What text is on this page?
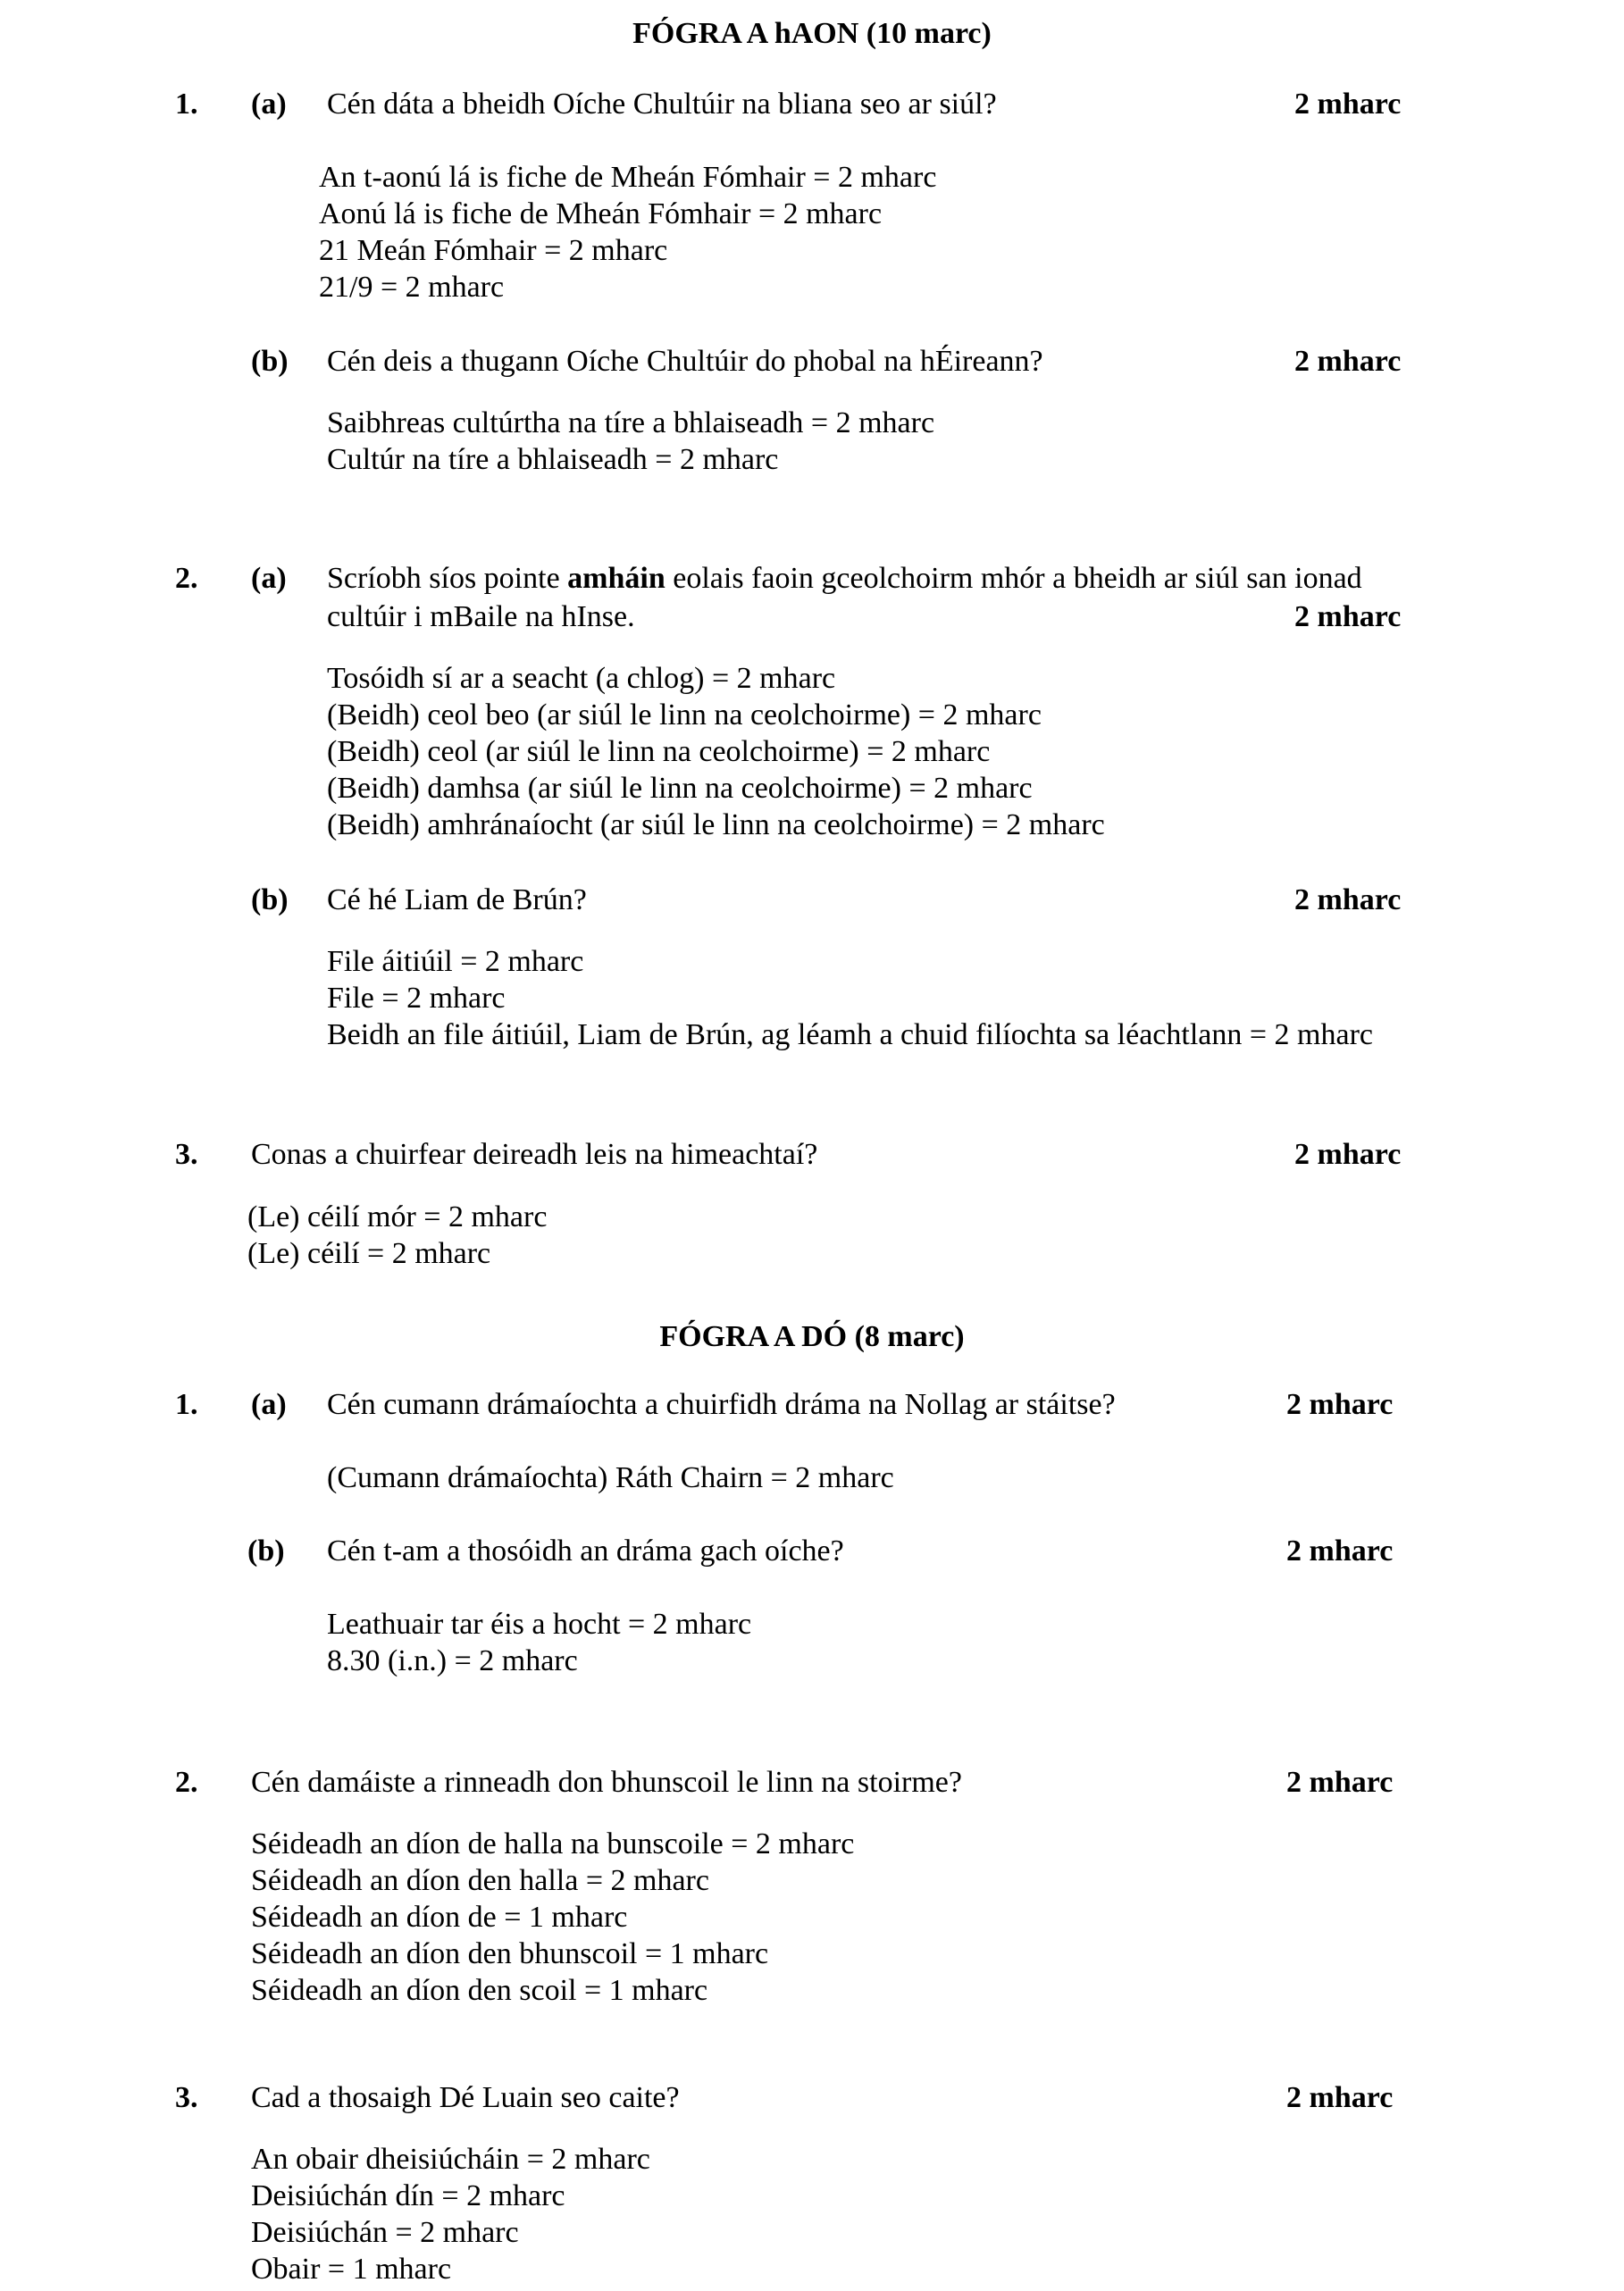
FÓGRA A hAON (10 marc)
1. (a) Cén dáta a bheidh Oíche Chultúir na bliana seo ar siúl?	2 mharc
An t-aonú lá is fiche de Mheán Fómhair = 2 mharc
Aonú lá is fiche de Mheán Fómhair = 2 mharc
21 Meán Fómhair = 2 mharc
21/9 = 2 mharc
(b) Cén deis a thugann Oíche Chultúir do phobal na hÉireann?	2 mharc
Saibhreas cultúrtha na tíre a bhlaiseadh = 2 mharc
Cultúr na tíre a bhlaiseadh = 2 mharc
2. (a) Scríobh síos pointe amháin eolais faoin gceolchoirm mhór a bheidh ar siúl san ionad
cultúir i mBaile na hInse.	2 mharc
Tosóidh sí ar a seacht (a chlog) = 2 mharc
(Beidh) ceol beo (ar siúl le linn na ceolchoirme) = 2 mharc
(Beidh) ceol (ar siúl le linn na ceolchoirme) = 2 mharc
(Beidh) damhsa (ar siúl le linn na ceolchoirme) = 2 mharc
(Beidh) amhránaíocht (ar siúl le linn na ceolchoirme) = 2 mharc
(b) Cé hé Liam de Brún?	2 mharc
File áitiúil = 2 mharc
File = 2 mharc
Beidh an file áitiúil, Liam de Brún, ag léamh a chuid filíochta sa léachtlann = 2 mharc
3. Conas a chuirfear deireadh leis na himeachtaí?	2 mharc
(Le) céilí mór = 2 mharc
(Le) céilí = 2 mharc
FÓGRA A DÓ (8 marc)
1. (a) Cén cumann drámaíochta a chuirfidh dráma na Nollag ar stáitse?	2 mharc
(Cumann drámaíochta) Ráth Chairn = 2 mharc
(b) Cén t-am a thosóidh an dráma gach oíche?	2 mharc
Leathuair tar éis a hocht = 2 mharc
8.30 (i.n.) = 2 mharc
2. Cén damáiste a rinneadh don bhunscoil le linn na stoirme?	2 mharc
Séideadh an díon de halla na bunscoile = 2 mharc
Séideadh an díon den halla = 2 mharc
Séideadh an díon de = 1 mharc
Séideadh an díon den bhunscoil = 1 mharc
Séideadh an díon den scoil = 1 mharc
3. Cad a thosaigh Dé Luain seo caite?	2 mharc
An obair dheisiúcháin = 2 mharc
Deisiúchán dín = 2 mharc
Deisiúchán = 2 mharc
Obair = 1 mharc
